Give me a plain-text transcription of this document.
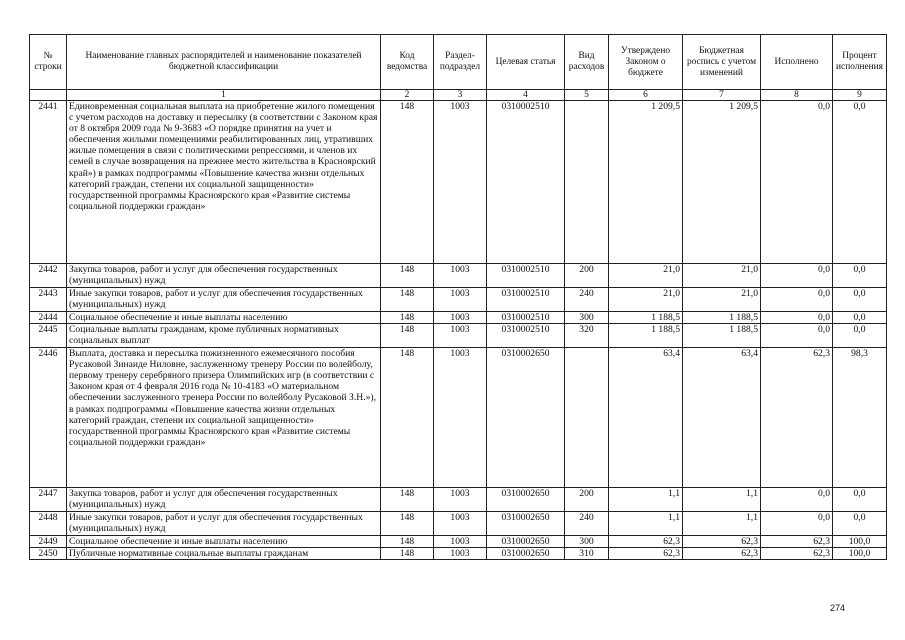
№ строки	Наименование главных распорядителей и наименование показателей бюджетной классификации	Код ведомства	Раздел-подраздел	Целевая статья	Вид расходов	Утверждено Законом о бюджете	Бюджетная роспись с учетом изменений	Исполнено	Процент исполнения
	1	2	3	4	5	6	7	8	9
2441	Единовременная социальная выплата на приобретение жилого помещения с учетом расходов на доставку и пересылку (в соответствии с Законом края от 8 октября 2009 года № 9-3683 «О порядке принятия на учет и обеспечения жилыми помещениями реабилитированных лиц, утративших жилые помещения в связи с политическими репрессиями, и членов их семей в случае возвращения на прежнее место жительства в Красноярский край») в рамках подпрограммы «Повышение качества жизни отдельных категорий граждан, степени их социальной защищенности» государственной программы Красноярского края «Развитие системы социальной поддержки граждан»	148	1003	0310002510		1 209,5	1 209,5	0,0	0,0
2442	Закупка товаров, работ и услуг для обеспечения государственных (муниципальных) нужд	148	1003	0310002510	200	21,0	21,0	0,0	0,0
2443	Иные закупки товаров, работ и услуг для обеспечения государственных (муниципальных) нужд	148	1003	0310002510	240	21,0	21,0	0,0	0,0
2444	Социальное обеспечение и иные выплаты населению	148	1003	0310002510	300	1 188,5	1 188,5	0,0	0,0
2445	Социальные выплаты гражданам, кроме публичных нормативных социальных выплат	148	1003	0310002510	320	1 188,5	1 188,5	0,0	0,0
2446	Выплата, доставка и пересылка пожизненного ежемесячного пособия Русаковой Зинаиде Ниловне, заслуженному тренеру России по волейболу, первому тренеру серебряного призера Олимпийских игр (в соответствии с Законом края от 4 февраля 2016 года № 10-4183 «О материальном обеспечении заслуженного тренера России по волейболу Русаковой З.Н.»), в рамках подпрограммы «Повышение качества жизни отдельных категорий граждан, степени их социальной защищенности» государственной программы Красноярского края «Развитие системы социальной поддержки граждан»	148	1003	0310002650		63,4	63,4	62,3	98,3
2447	Закупка товаров, работ и услуг для обеспечения государственных (муниципальных) нужд	148	1003	0310002650	200	1,1	1,1	0,0	0,0
2448	Иные закупки товаров, работ и услуг для обеспечения государственных (муниципальных) нужд	148	1003	0310002650	240	1,1	1,1	0,0	0,0
2449	Социальное обеспечение и иные выплаты населению	148	1003	0310002650	300	62,3	62,3	62,3	100,0
2450	Публичные нормативные социальные выплаты гражданам	148	1003	0310002650	310	62,3	62,3	62,3	100,0
274
